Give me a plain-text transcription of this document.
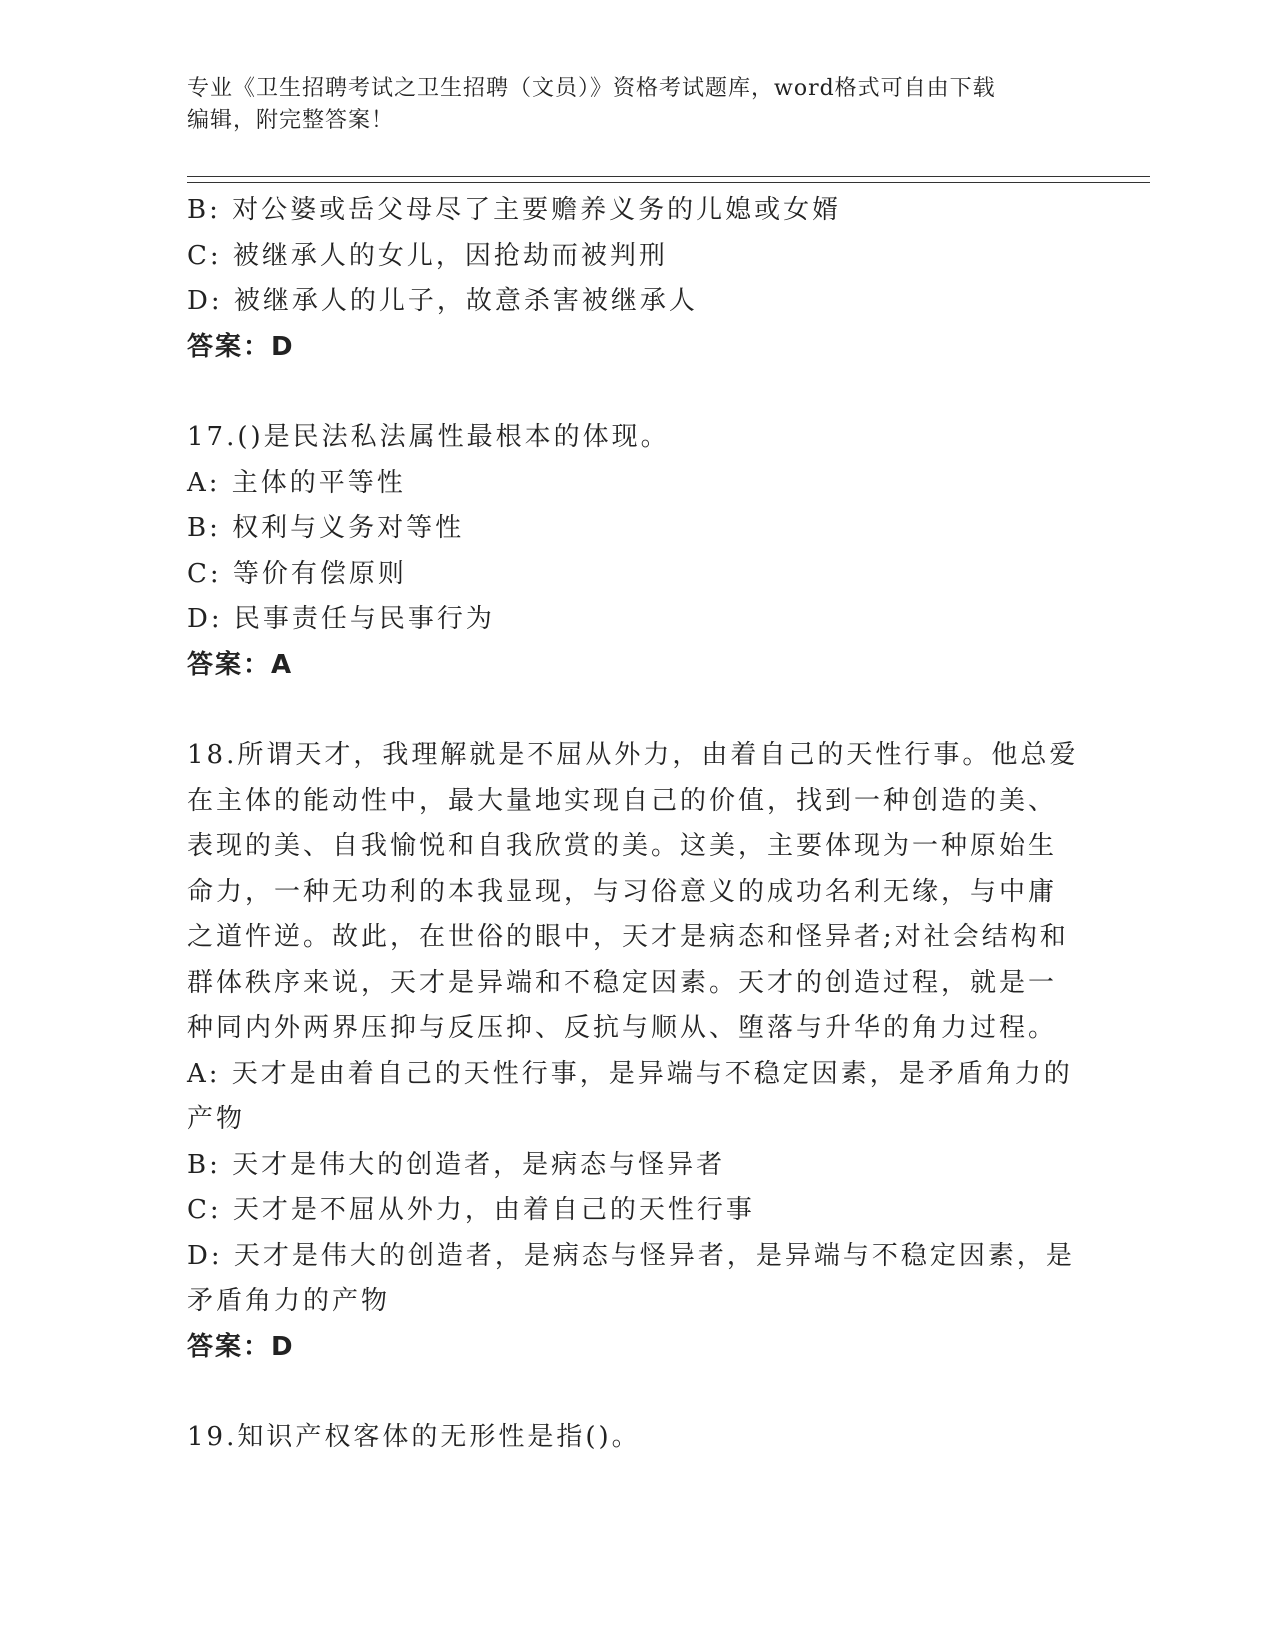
专业《卫生招聘考试之卫生招聘（文员）》资格考试题库，word格式可自由下载
编辑，附完整答案！
B: 对公婆或岳父母尽了主要赡养义务的儿媳或女婿
C: 被继承人的女儿，因抢劫而被判刑
D: 被继承人的儿子，故意杀害被继承人
答案：D
17.()是民法私法属性最根本的体现。
A: 主体的平等性
B: 权利与义务对等性
C: 等价有偿原则
D: 民事责任与民事行为
答案：A
18.所谓天才，我理解就是不屈从外力，由着自己的天性行事。他总爱
在主体的能动性中，最大量地实现自己的价值，找到一种创造的美、
表现的美、自我愉悦和自我欣赏的美。这美，主要体现为一种原始生
命力，一种无功利的本我显现，与习俗意义的成功名利无缘，与中庸
之道忤逆。故此，在世俗的眼中，天才是病态和怪异者;对社会结构和
群体秩序来说，天才是异端和不稳定因素。天才的创造过程，就是一
种同内外两界压抑与反压抑、反抗与顺从、堕落与升华的角力过程。
A: 天才是由着自己的天性行事，是异端与不稳定因素，是矛盾角力的
产物
B: 天才是伟大的创造者，是病态与怪异者
C: 天才是不屈从外力，由着自己的天性行事
D: 天才是伟大的创造者，是病态与怪异者，是异端与不稳定因素，是
矛盾角力的产物
答案：D
19.知识产权客体的无形性是指()。
